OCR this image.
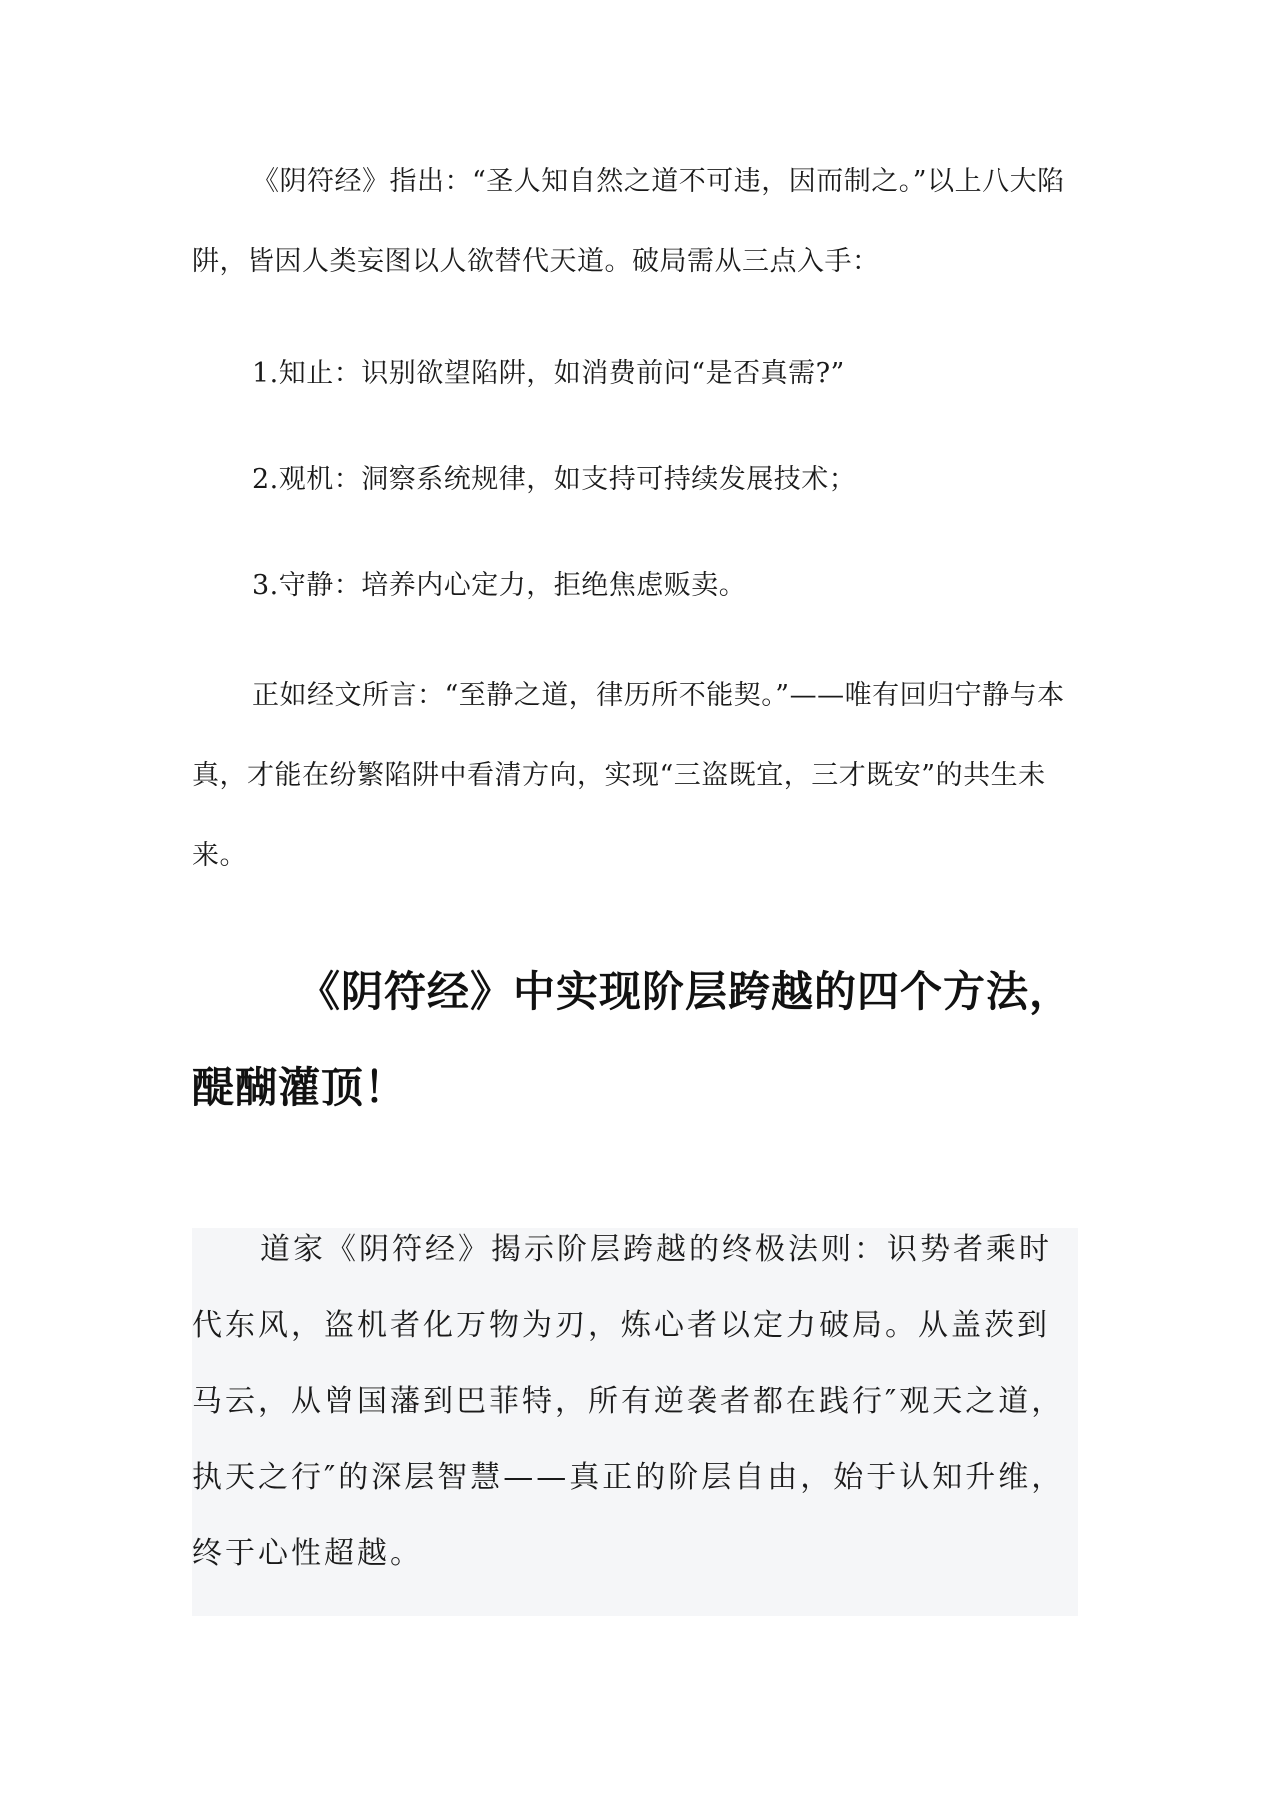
《阴符经》指出：“圣人知自然之道不可违，因而制之。”以上八大陷阱，皆因人类妄图以人欲替代天道。破局需从三点入手：

1.知止：识别欲望陷阱，如消费前问“是否真需?”

2.观机：洞察系统规律，如支持可持续发展技术；

3.守静：培养内心定力，拒绝焦虑贩卖。

正如经文所言：“至静之道，律历所不能契。”——唯有回归宁静与本真，才能在纷繁陷阱中看清方向，实现“三盗既宜，三才既安”的共生未来。

《阴符经》中实现阶层跨越的四个方法，醍醐灌顶！

道家《阴符经》揭示阶层跨越的终极法则：识势者乘时代东风，盗机者化万物为刃，炼心者以定力破局。从盖茨到马云，从曾国藩到巴菲特，所有逆袭者都在践行″观天之道，执天之行″的深层智慧——真正的阶层自由，始于认知升维，终于心性超越。
